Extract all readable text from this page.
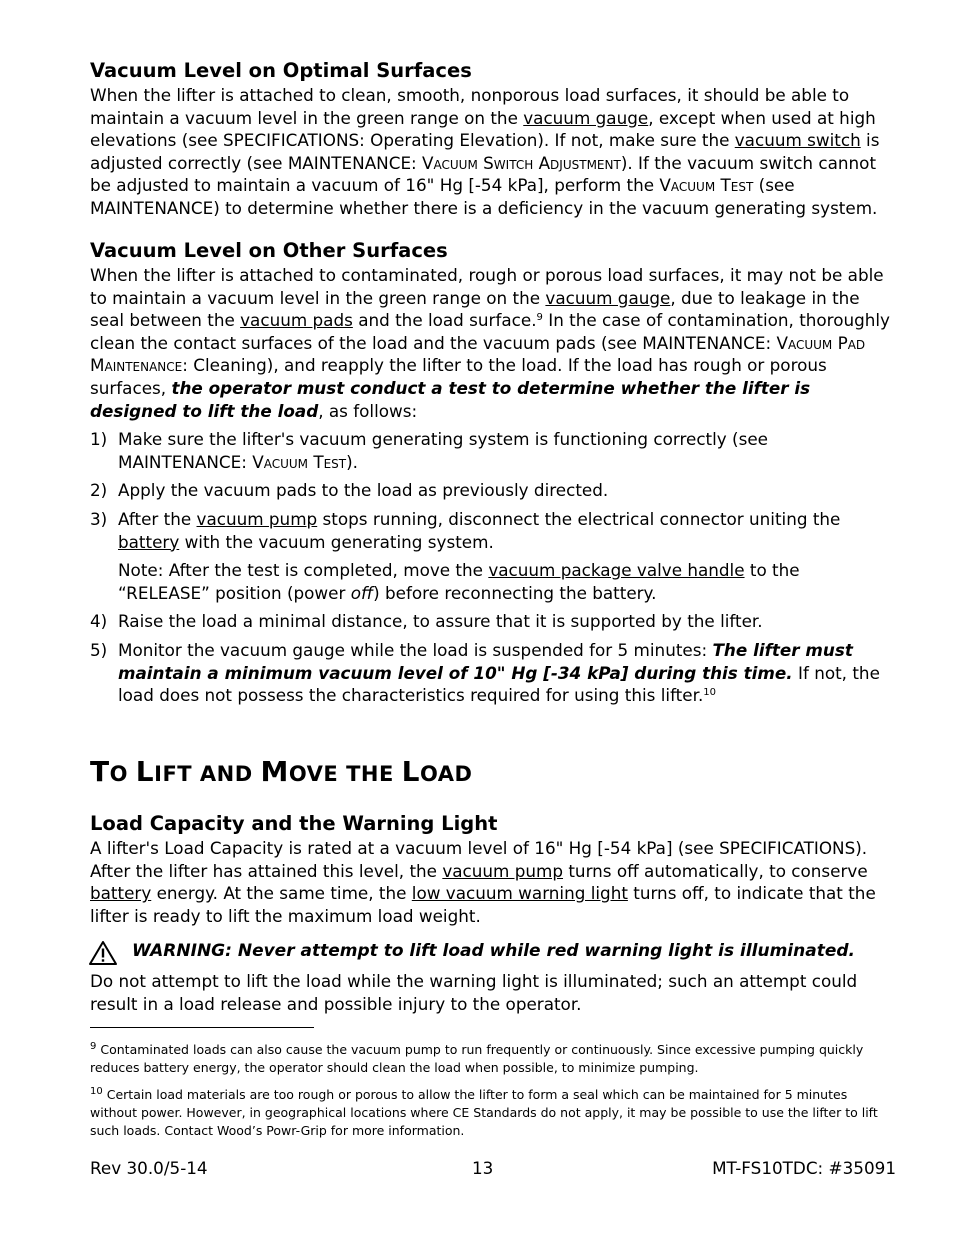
Vacuum Level on Optimal Surfaces

When the lifter is attached to clean, smooth, nonporous load surfaces, it should be able to maintain a vacuum level in the green range on the vacuum gauge, except when used at high elevations (see SPECIFICATIONS: Operating Elevation). If not, make sure the vacuum switch is adjusted correctly (see MAINTENANCE: Vacuum Switch Adjustment). If the vacuum switch cannot be adjusted to maintain a vacuum of 16" Hg [-54 kPa], perform the Vacuum Test (see MAINTENANCE) to determine whether there is a deficiency in the vacuum generating system.

Vacuum Level on Other Surfaces

When the lifter is attached to contaminated, rough or porous load surfaces, it may not be able to maintain a vacuum level in the green range on the vacuum gauge, due to leakage in the seal between the vacuum pads and the load surface.$^9$ In the case of contamination, thoroughly clean the contact surfaces of the load and the vacuum pads (see MAINTENANCE: Vacuum Pad Maintenance: Cleaning), and reapply the lifter to the load. If the load has rough or porous surfaces, the operator must conduct a test to determine whether the lifter is designed to lift the load, as follows:

1) Make sure the lifter's vacuum generating system is functioning correctly (see MAINTENANCE: Vacuum Test).
2) Apply the vacuum pads to the load as previously directed.
3) After the vacuum pump stops running, disconnect the electrical connector uniting the battery with the vacuum generating system.
Note: After the test is completed, move the vacuum package valve handle to the “RELEASE” position (power off) before reconnecting the battery.
4) Raise the load a minimal distance, to assure that it is supported by the lifter.
5) Monitor the vacuum gauge while the load is suspended for 5 minutes: The lifter must maintain a minimum vacuum level of 10" Hg [-34 kPa] during this time. If not, the load does not possess the characteristics required for using this lifter.$^{10}$
TO LIFT AND MOVE THE LOAD
Load Capacity and the Warning Light

A lifter's Load Capacity is rated at a vacuum level of 16" Hg [-54 kPa] (see SPECIFICATIONS). After the lifter has attained this level, the vacuum pump turns off automatically, to conserve battery energy. At the same time, the low vacuum warning light turns off, to indicate that the lifter is ready to lift the maximum load weight.

WARNING: Never attempt to lift load while red warning light is illuminated.

Do not attempt to lift the load while the warning light is illuminated; such an attempt could result in a load release and possible injury to the operator.

$^9$ Contaminated loads can also cause the vacuum pump to run frequently or continuously. Since excessive pumping quickly reduces battery energy, the operator should clean the load when possible, to minimize pumping.
$^{10}$ Certain load materials are too rough or porous to allow the lifter to form a seal which can be maintained for 5 minutes without power. However, in geographical locations where CE Standards do not apply, it may be possible to use the lifter to lift such loads. Contact Wood’s Powr-Grip for more information.
Rev 30.0/5-14	13	MT-FS10TDC: #35091
